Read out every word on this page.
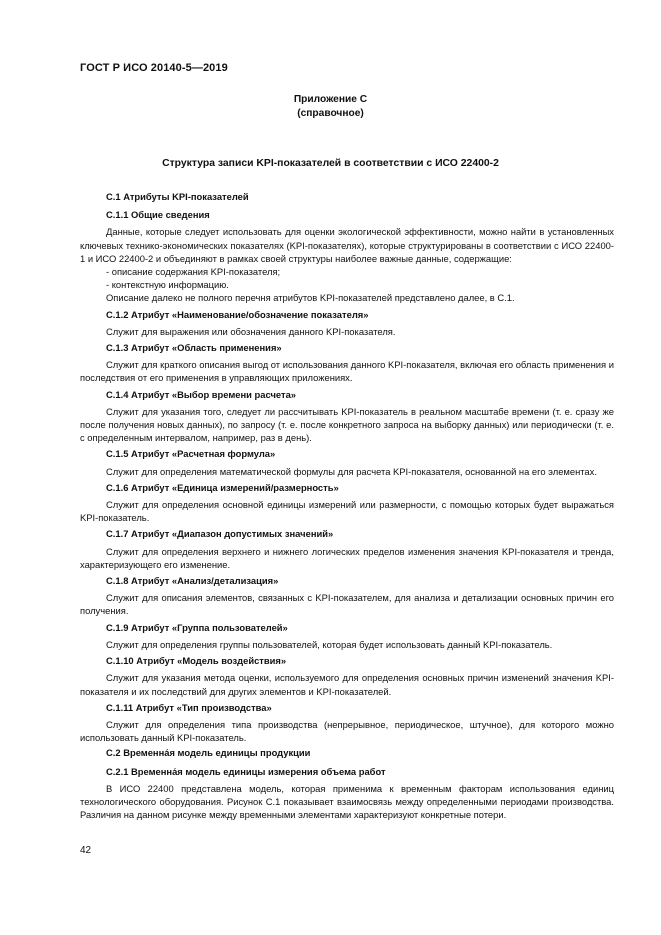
ГОСТ Р ИСО 20140-5—2019
Приложение С
(справочное)
Структура записи KPI-показателей в соответствии с ИСО 22400-2
С.1 Атрибуты KPI-показателей
С.1.1 Общие сведения
Данные, которые следует использовать для оценки экологической эффективности, можно найти в установленных ключевых технико-экономических показателях (KPI-показателях), которые структурированы в соответствии с ИСО 22400-1 и ИСО 22400-2 и объединяют в рамках своей структуры наиболее важные данные, содержащие:
- описание содержания KPI-показателя;
- контекстную информацию.
Описание далеко не полного перечня атрибутов KPI-показателей представлено далее, в С.1.
С.1.2 Атрибут «Наименование/обозначение показателя»
Служит для выражения или обозначения данного KPI-показателя.
С.1.3 Атрибут «Область применения»
Служит для краткого описания выгод от использования данного KPI-показателя, включая его область применения и последствия от его применения в управляющих приложениях.
С.1.4 Атрибут «Выбор времени расчета»
Служит для указания того, следует ли рассчитывать KPI-показатель в реальном масштабе времени (т. е. сразу же после получения новых данных), по запросу (т. е. после конкретного запроса на выборку данных) или периодически (т. е. с определенным интервалом, например, раз в день).
С.1.5 Атрибут «Расчетная формула»
Служит для определения математической формулы для расчета KPI-показателя, основанной на его элементах.
С.1.6 Атрибут «Единица измерений/размерность»
Служит для определения основной единицы измерений или размерности, с помощью которых будет выражаться KPI-показатель.
С.1.7 Атрибут «Диапазон допустимых значений»
Служит для определения верхнего и нижнего логических пределов изменения значения KPI-показателя и тренда, характеризующего его изменение.
С.1.8 Атрибут «Анализ/детализация»
Служит для описания элементов, связанных с KPI-показателем, для анализа и детализации основных причин его получения.
С.1.9 Атрибут «Группа пользователей»
Служит для определения группы пользователей, которая будет использовать данный KPI-показатель.
С.1.10 Атрибут «Модель воздействия»
Служит для указания метода оценки, используемого для определения основных причин изменений значения KPI-показателя и их последствий для других элементов и KPI-показателей.
С.1.11 Атрибут «Тип производства»
Служит для определения типа производства (непрерывное, периодическое, штучное), для которого можно использовать данный KPI-показатель.
С.2 Временна́я модель единицы продукции
С.2.1 Временна́я модель единицы измерения объема работ
В ИСО 22400 представлена модель, которая применима к временным факторам использования единиц технологического оборудования. Рисунок С.1 показывает взаимосвязь между определенными периодами производства. Различия на данном рисунке между временными элементами характеризуют конкретные потери.
42
